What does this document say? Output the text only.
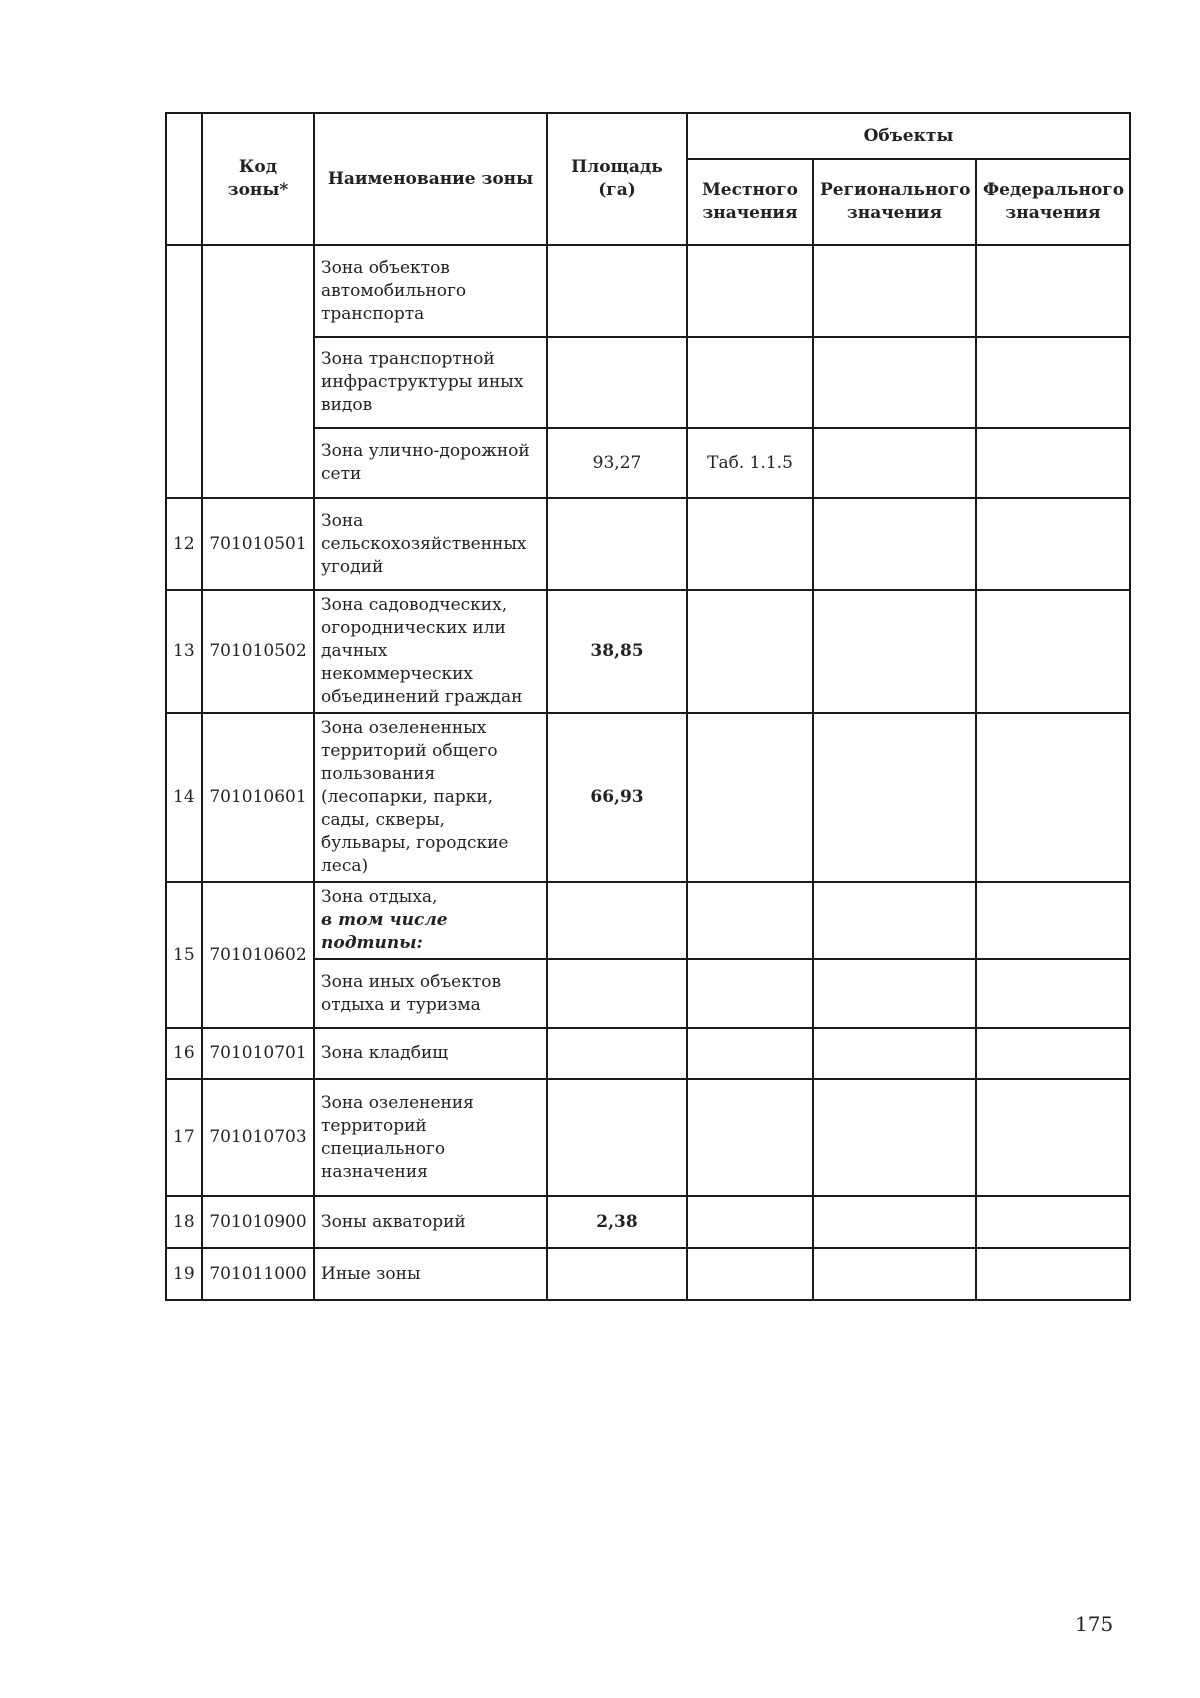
	Код зоны*	Наименование зоны	Площадь (га)	Объекты		
				Местного значения	Регионального значения	Федерального значения
		Зона объектов автомобильного транспорта				
		Зона транспортной инфраструктуры иных видов				
		Зона улично-дорожной сети	93,27	Таб. 1.1.5		
12	701010501	Зона сельскохозяйственных угодий				
13	701010502	Зона садоводческих, огороднических или дачных некоммерческих объединений граждан	38,85			
14	701010601	Зона озелененных территорий общего пользования (лесопарки, парки, сады, скверы, бульвары, городские леса)	66,93			
15	701010602	Зона отдыха,
в том числе подтипы:				

		Зона иных объектов отдыха и туризма				
16	701010701	Зона кладбищ				
17	701010703	Зона озеленения территорий специального назначения				
18	701010900	Зоны акваторий	2,38			
19	701011000	Иные зоны				
175
